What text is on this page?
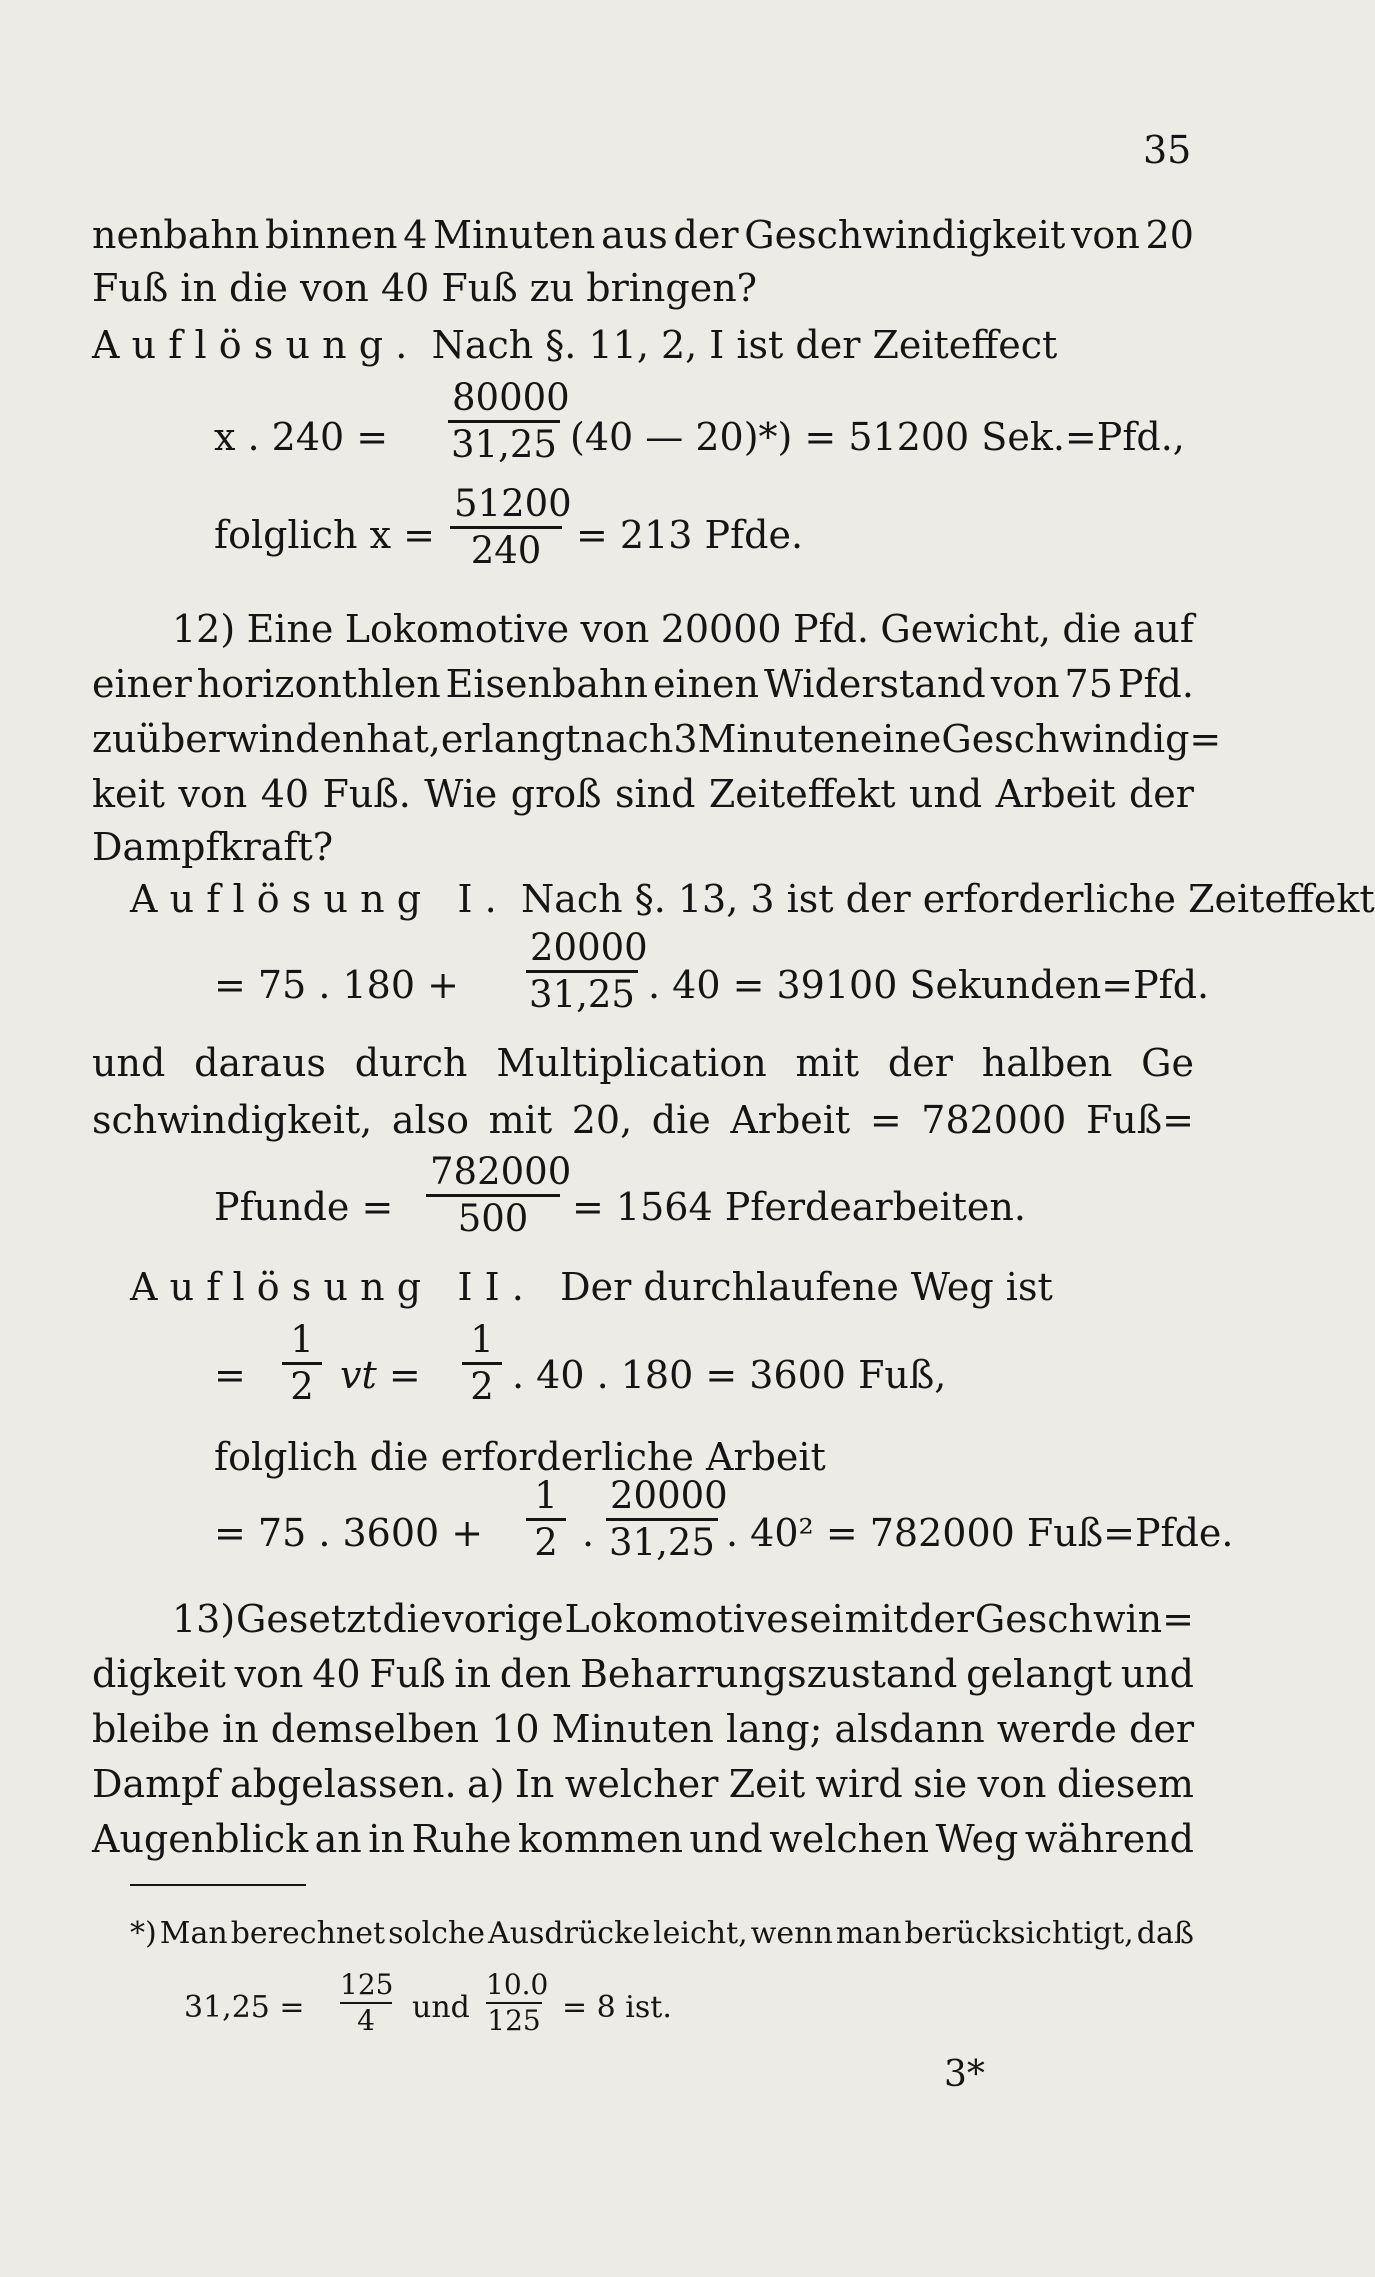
35
nenbahn binnen 4 Minuten aus der Geschwindigkeit von 20
Fuß in die von 40 Fuß zu bringen?
Auflösung. Nach §. 11, 2, I ist der Zeiteffect
x . $240 = \frac{80000}{31,25} (40$ — 20)*) = 51200 Sek.=Pfd.,
folglich $x = \frac{51200}{240} = 213$ Pfde.
12) Eine Lokomotive von 20000 Pfd. Gewicht, die auf
einer horizonthlen Eisenbahn einen Widerstand von 75 Pfd.
zu überwinden hat, erlangt nach 3 Minuten eine Geschwindig=
keit von 40 Fuß. Wie groß sind Zeiteffekt und Arbeit der
Dampfkraft?
Auflösung I. Nach §. 13, 3 ist der erforderliche Zeiteffekt
= 75 . $180 + \frac{20000}{31,25}$ . 40 = 39100 Sekunden=Pfd.
und daraus durch Multiplication mit der halben Ge
schwindigkeit, also mit 20, die Arbeit = 782000 Fuß=
Pfunde = $\frac{782000}{500} = 1564$ Pferdearbeiten.
Auflösung II. Der durchlaufene Weg ist
= $\frac{1}{2}$ vt = $\frac{1}{2}$ . 40 . 180 = 3600 Fuß,
folglich die erforderliche Arbeit
= 75 . $3600 + \frac{1}{2}$ . $\frac{20000}{31,25}$ . 40² = 782000 Fuß=Pfde.
13) Gesetzt die vorige Lokomotive sei mit der Geschwin=
digkeit von 40 Fuß in den Beharrungszustand gelangt und
bleibe in demselben 10 Minuten lang; alsdann werde der
Dampf abgelassen. a) In welcher Zeit wird sie von diesem
Augenblick an in Ruhe kommen und welchen Weg während
*) Man berechnet solche Ausdrücke leicht, wenn man berücksichtigt, daß
$31,25 = \frac{125}{4}$ und $\frac{10.0}{125} = 8$ ist.
3*
